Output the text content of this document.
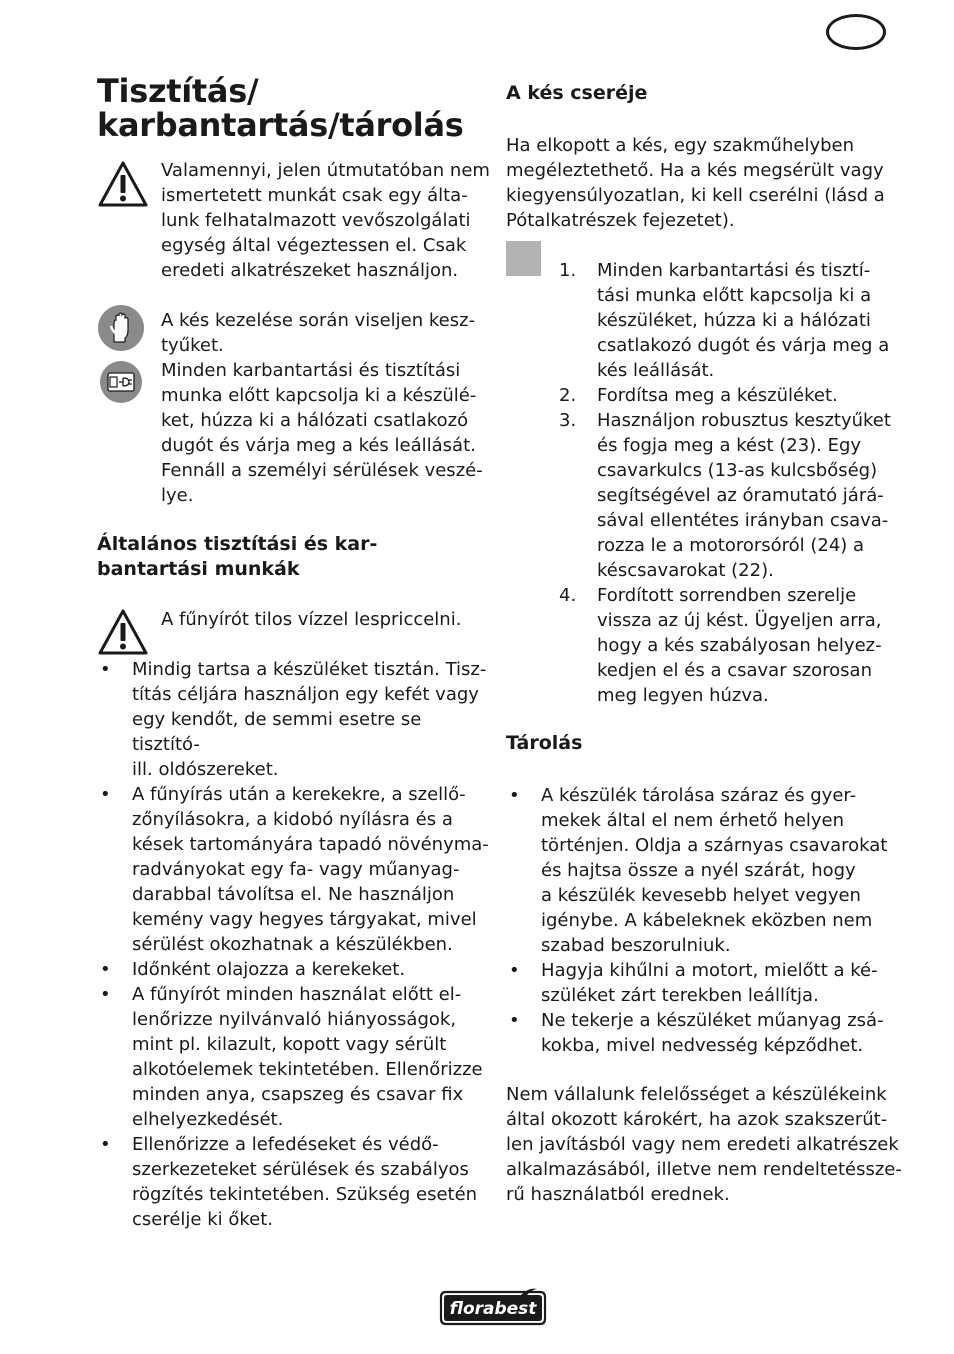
Tisztítás/
karbantartás/tárolás
Valamennyi, jelen útmutatóban nem
ismertetett munkát csak egy álta-
lunk felhatalmazott vevőszolgálati
egység által végeztessen el. Csak
eredeti alkatrészeket használjon.
A kés kezelése során viseljen kesz-
tyűket.
Minden karbantartási és tisztítási
munka előtt kapcsolja ki a készülé-
ket, húzza ki a hálózati csatlakozó
dugót és várja meg a kés leállását.
Fennáll a személyi sérülések veszé-
lye.
Általános tisztítási és kar-
bantartási munkák
A fűnyírót tilos vízzel lespriccelni.
• Mindig tartsa a készüléket tisztán. Tisz-
títás céljára használjon egy kefét vagy
egy kendőt, de semmi esetre se tisztító-
ill. oldószereket.
• A fűnyírás után a kerekekre, a szellő-
zőnyílásokra, a kidobó nyílásra és a
kések tartományára tapadó növényma-
radványokat egy fa- vagy műanyag-
darabbal távolítsa el. Ne használjon
kemény vagy hegyes tárgyakat, mivel
sérülést okozhatnak a készülékben.
• Időnként olajozza a kerekeket.
• A fűnyírót minden használat előtt el-
lenőrizze nyilvánvaló hiányosságok,
mint pl. kilazult, kopott vagy sérült
alkotóelemek tekintetében. Ellenőrizze
minden anya, csapszeg és csavar fix
elhelyezkedését.
• Ellenőrizze a lefedéseket és védő-
szerkezeteket sérülések és szabályos
rögzítés tekintetében. Szükség esetén
cserélje ki őket.
A kés cseréje
Ha elkopott a kés, egy szakműhelyben
megéleztethető. Ha a kés megsérült vagy
kiegyensúlyozatlan, ki kell cserélni (lásd a
Pótalkatrészek fejezetet).
1. Minden karbantartási és tisztí-
tási munka előtt kapcsolja ki a
készüléket, húzza ki a hálózati
csatlakozó dugót és várja meg a
kés leállását.
2. Fordítsa meg a készüléket.
3. Használjon robusztus kesztyűket
és fogja meg a kést (23). Egy
csavarkulcs (13-as kulcsbőség)
segítségével az óramutató járá-
sával ellentétes irányban csava-
rozza le a motororsóról (24) a
késcsavarokat (22).
4. Fordított sorrendben szerelje
vissza az új kést. Ügyeljen arra,
hogy a kés szabályosan helyez-
kedjen el és a csavar szorosan
meg legyen húzva.
Tárolás
• A készülék tárolása száraz és gyer-
mekek által el nem érhető helyen
történjen. Oldja a szárnyas csavarokat
és hajtsa össze a nyél szárát, hogy
a készülék kevesebb helyet vegyen
igénybe. A kábeleknek eközben nem
szabad beszorulniuk.
• Hagyja kihűlni a motort, mielőtt a ké-
szüléket zárt terekben leállítja.
• Ne tekerje a készüléket műanyag zsá-
kokba, mivel nedvesség képződhet.
Nem vállalunk felelősséget a készülékeink
által okozott károkért, ha azok szakszerűt-
len javításból vagy nem eredeti alkatrészek
alkalmazásából, illetve nem rendeltetéssze-
rű használatból erednek.
florabest
